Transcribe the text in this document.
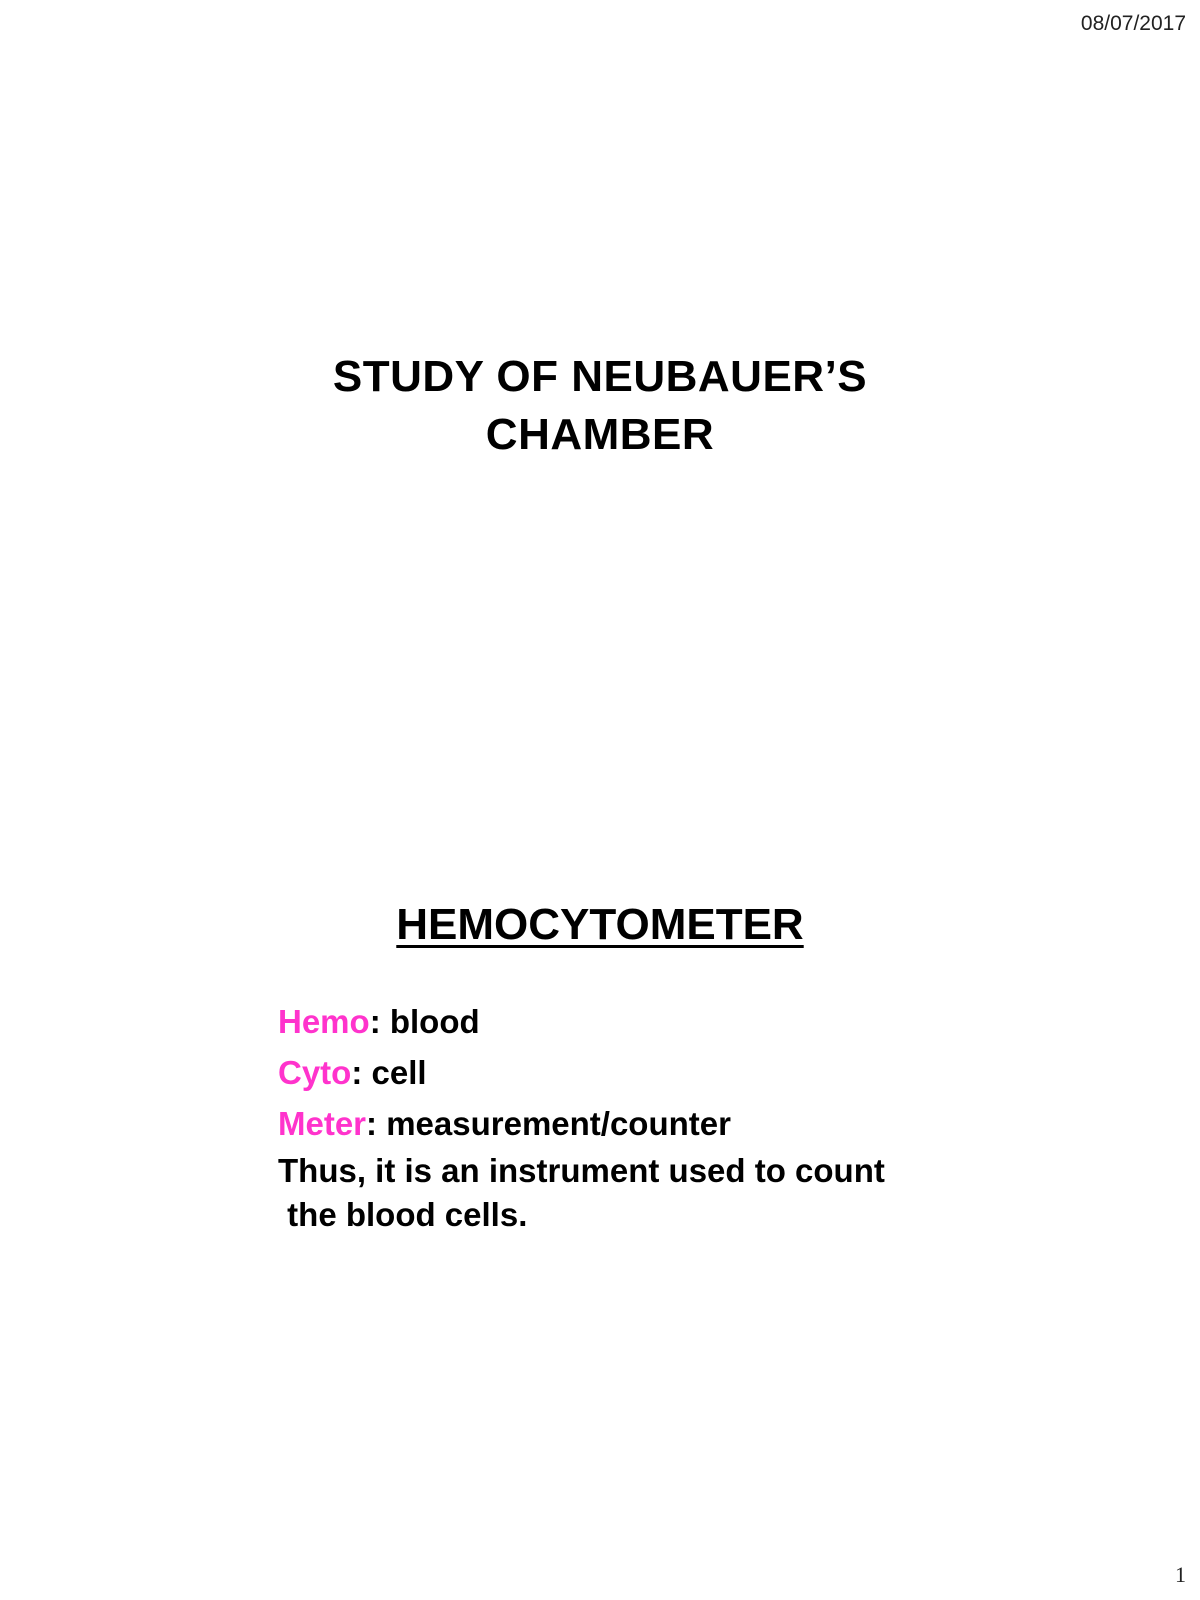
08/07/2017
STUDY OF NEUBAUER’S
CHAMBER
HEMOCYTOMETER
Hemo: blood
Cyto: cell
Meter: measurement/counter
Thus, it is an instrument used to count
the blood cells.
1
